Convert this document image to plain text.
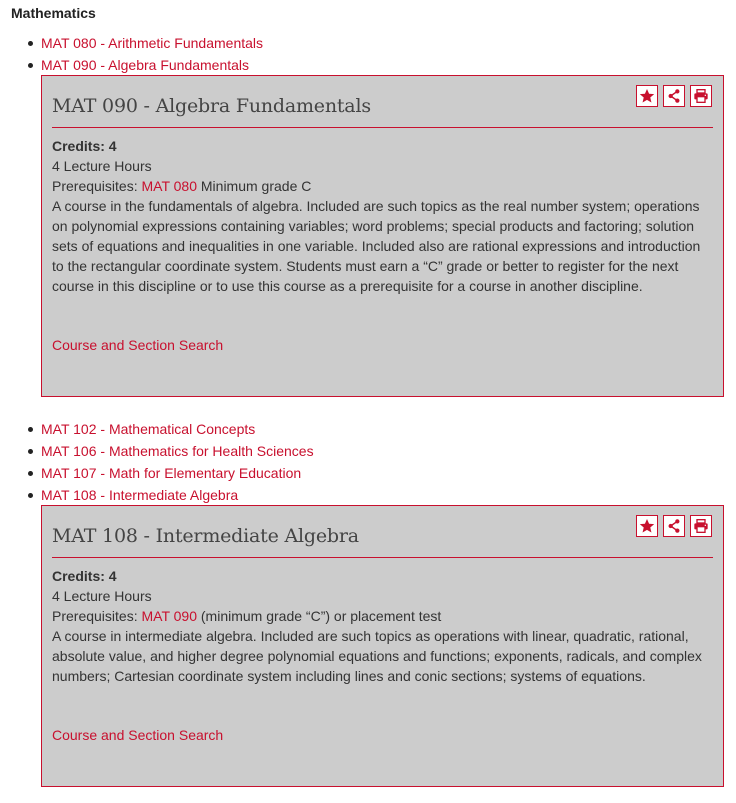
Mathematics
MAT 080 - Arithmetic Fundamentals
MAT 090 - Algebra Fundamentals
MAT 090 - Algebra Fundamentals

Credits: 4

4 Lecture Hours

Prerequisites: MAT 080 Minimum grade C

A course in the fundamentals of algebra. Included are such topics as the real number system; operations on polynomial expressions containing variables; word problems; special products and factoring; solution sets of equations and inequalities in one variable. Included also are rational expressions and introduction to the rectangular coordinate system. Students must earn a “C” grade or better to register for the next course in this discipline or to use this course as a prerequisite for a course in another discipline.

Course and Section Search
MAT 102 - Mathematical Concepts
MAT 106 - Mathematics for Health Sciences
MAT 107 - Math for Elementary Education
MAT 108 - Intermediate Algebra
MAT 108 - Intermediate Algebra

Credits: 4

4 Lecture Hours

Prerequisites: MAT 090 (minimum grade “C”) or placement test

A course in intermediate algebra. Included are such topics as operations with linear, quadratic, rational, absolute value, and higher degree polynomial equations and functions; exponents, radicals, and complex numbers; Cartesian coordinate system including lines and conic sections; systems of equations.

Course and Section Search
